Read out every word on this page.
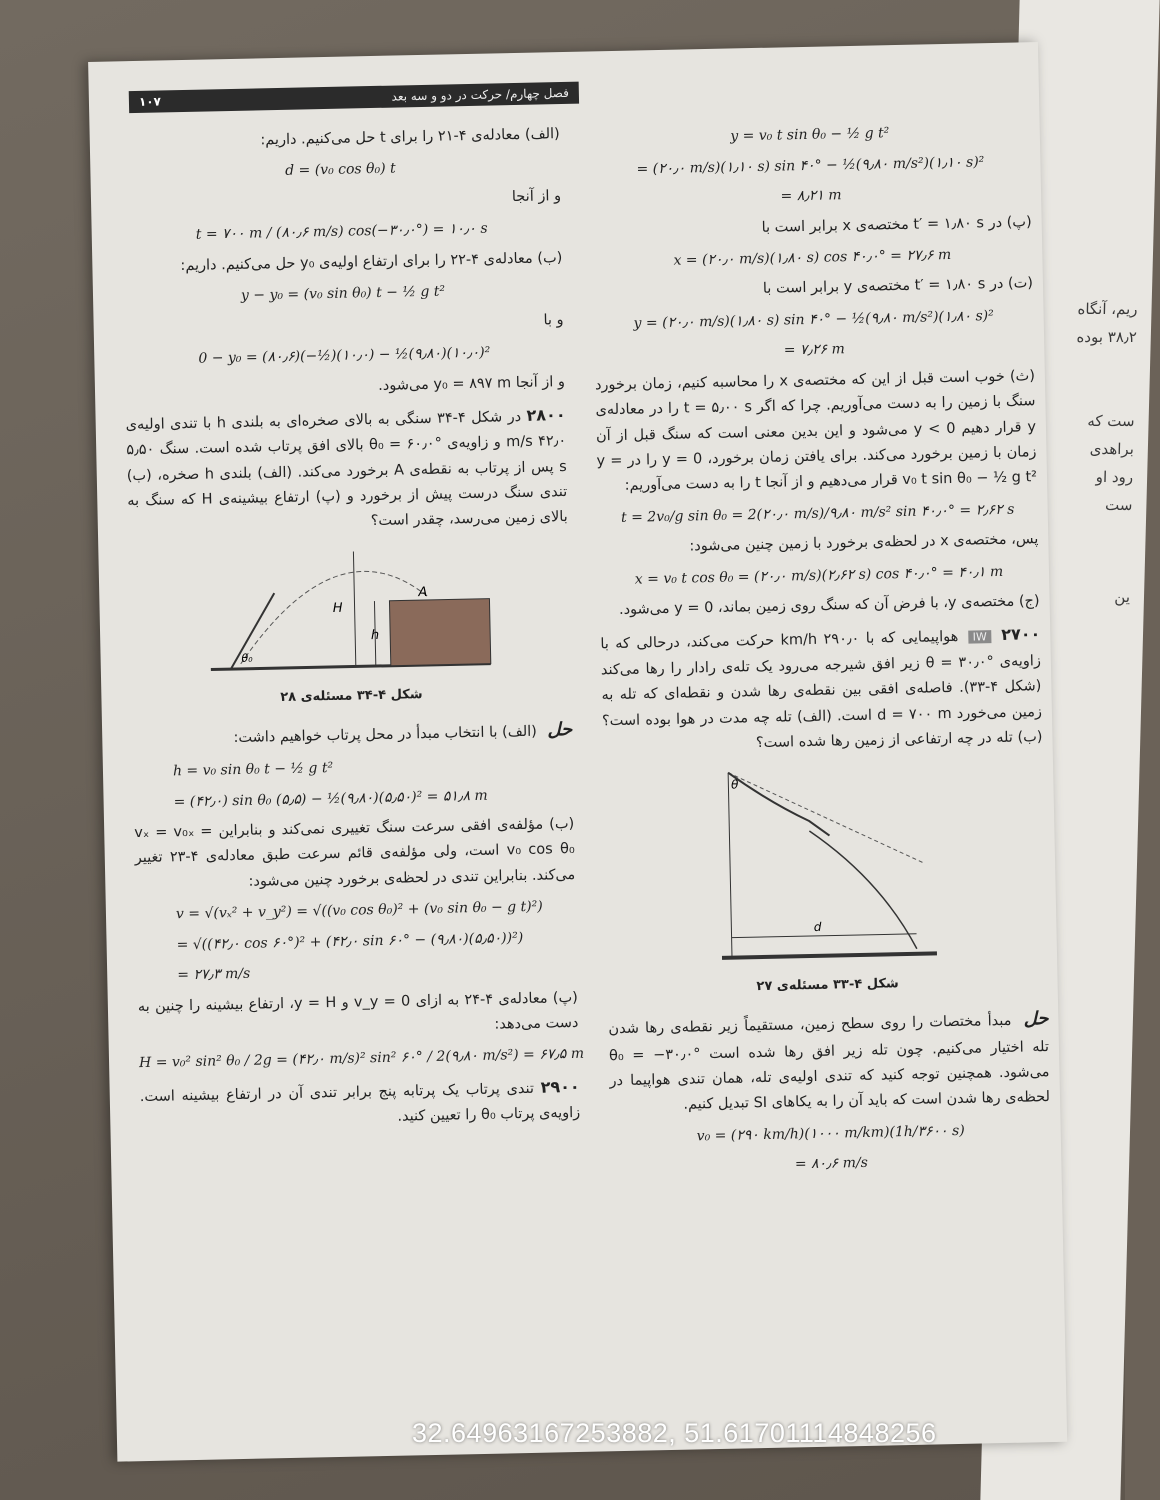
ریم، آنگاه
۳۸٫۲ بوده
ست که
براهدی
رود او
ست
ین
فصل چهارم/ حرکت در دو و سه بعد
۱۰۷

(الف) معادله‌ی ۴-۲۱ را برای t حل می‌کنیم. داریم:

d = (v₀ cos θ₀) t

و از آنجا

t = ۷۰۰ m / (۸۰٫۶ m/s) cos(−۳۰٫۰°) = ۱۰٫۰ s

(ب) معادله‌ی ۴-۲۲ را برای ارتفاع اولیه‌ی y₀ حل می‌کنیم. داریم:

y − y₀ = (v₀ sin θ₀) t − ½ g t²

و با

0 − y₀ = (۸۰٫۶)(−½)(۱۰٫۰) − ½(۹٫۸۰)(۱۰٫۰)²

و از آنجا y₀ = ۸۹۷ m می‌شود.

۲۸۰۰ در شکل ۴-۳۴ سنگی به بالای صخره‌ای به بلندی h با تندی اولیه‌ی ۴۲٫۰ m/s و زاویه‌ی θ₀ = ۶۰٫۰° بالای افق پرتاب شده است. سنگ ۵٫۵۰ s پس از پرتاب به نقطه‌ی A برخورد می‌کند. (الف) بلندی h صخره، (ب) تندی سنگ درست پیش از برخورد و (پ) ارتفاع بیشینه‌ی H که سنگ به بالای زمین می‌رسد، چقدر است؟

H
h
A
θ₀
شکل ۴-۳۴ مسئله‌ی ۲۸

حل (الف) با انتخاب مبدأ در محل پرتاب خواهیم داشت:

h = v₀ sin θ₀ t − ½ g t²
= (۴۲٫۰) sin θ₀ (۵٫۵) − ½(۹٫۸۰)(۵٫۵۰)² = ۵۱٫۸ m

(ب) مؤلفه‌ی افقی سرعت سنگ تغییری نمی‌کند و بنابراین vₓ = v₀ₓ = v₀ cos θ₀ است، ولی مؤلفه‌ی قائم سرعت طبق معادله‌ی ۴-۲۳ تغییر می‌کند. بنابراین تندی در لحظه‌ی برخورد چنین می‌شود:

v = √(vₓ² + v_y²) = √((v₀ cos θ₀)² + (v₀ sin θ₀ − g t)²)
= √((۴۲٫۰ cos ۶۰°)² + (۴۲٫۰ sin ۶۰° − (۹٫۸۰)(۵٫۵۰))²)
= ۲۷٫۳ m/s

(پ) معادله‌ی ۴-۲۴ به ازای v_y = 0 و y = H، ارتفاع بیشینه را چنین به دست می‌دهد:

H = v₀² sin² θ₀ / 2g = (۴۲٫۰ m/s)² sin² ۶۰° / 2(۹٫۸۰ m/s²) = ۶۷٫۵ m

۲۹۰۰ تندی پرتاب یک پرتابه پنج برابر تندی آن در ارتفاع بیشینه است. زاویه‌ی پرتاب θ₀ را تعیین کنید.

y = v₀ t sin θ₀ − ½ g t²
= (۲۰٫۰ m/s)(۱٫۱۰ s) sin ۴۰° − ½(۹٫۸۰ m/s²)(۱٫۱۰ s)²
= ۸٫۲۱ m

(پ) در t′ = ۱٫۸۰ s مختصه‌ی x برابر است با

x = (۲۰٫۰ m/s)(۱٫۸۰ s) cos ۴۰٫۰° = ۲۷٫۶ m

(ت) در t′ = ۱٫۸۰ s مختصه‌ی y برابر است با

y = (۲۰٫۰ m/s)(۱٫۸۰ s) sin ۴۰° − ½(۹٫۸۰ m/s²)(۱٫۸۰ s)²
= ۷٫۲۶ m

(ث) خوب است قبل از این که مختصه‌ی x را محاسبه کنیم، زمان برخورد سنگ با زمین را به دست می‌آوریم. چرا که اگر t = ۵٫۰۰ s را در معادله‌ی y قرار دهیم y < 0 می‌شود و این بدین معنی است که سنگ قبل از آن زمان با زمین برخورد می‌کند. برای یافتن زمان برخورد، y = 0 را در y = v₀ t sin θ₀ − ½ g t² قرار می‌دهیم و از آنجا t را به دست می‌آوریم:

t = 2v₀/g sin θ₀ = 2(۲۰٫۰ m/s)/۹٫۸۰ m/s² sin ۴۰٫۰° = ۲٫۶۲ s

پس، مختصه‌ی x در لحظه‌ی برخورد با زمین چنین می‌شود:

x = v₀ t cos θ₀ = (۲۰٫۰ m/s)(۲٫۶۲ s) cos ۴۰٫۰° = ۴۰٫۱ m

(ج) مختصه‌ی y، با فرض آن که سنگ روی زمین بماند، y = 0 می‌شود.

۲۷۰۰ IW هواپیمایی که با ۲۹۰٫۰ km/h حرکت می‌کند، درحالی که با زاویه‌ی θ = ۳۰٫۰° زیر افق شیرجه می‌رود یک تله‌ی رادار را رها می‌کند (شکل ۴-۳۳). فاصله‌ی افقی بین نقطه‌ی رها شدن و نقطه‌ای که تله به زمین می‌خورد d = ۷۰۰ m است. (الف) تله چه مدت در هوا بوده است؟ (ب) تله در چه ارتفاعی از زمین رها شده است؟

θ
d
شکل ۴-۳۳ مسئله‌ی ۲۷

حل مبدأ مختصات را روی سطح زمین، مستقیماً زیر نقطه‌ی رها شدن تله اختیار می‌کنیم. چون تله زیر افق رها شده است θ₀ = −۳۰٫۰° می‌شود. همچنین توجه کنید که تندی اولیه‌ی تله، همان تندی هواپیما در لحظه‌ی رها شدن است که باید آن را به یکاهای SI تبدیل کنیم.

v₀ = (۲۹۰ km/h)(۱۰۰۰ m/km)(1h/۳۶۰۰ s)
= ۸۰٫۶ m/s
32.64963167253882, 51.61701114848256
